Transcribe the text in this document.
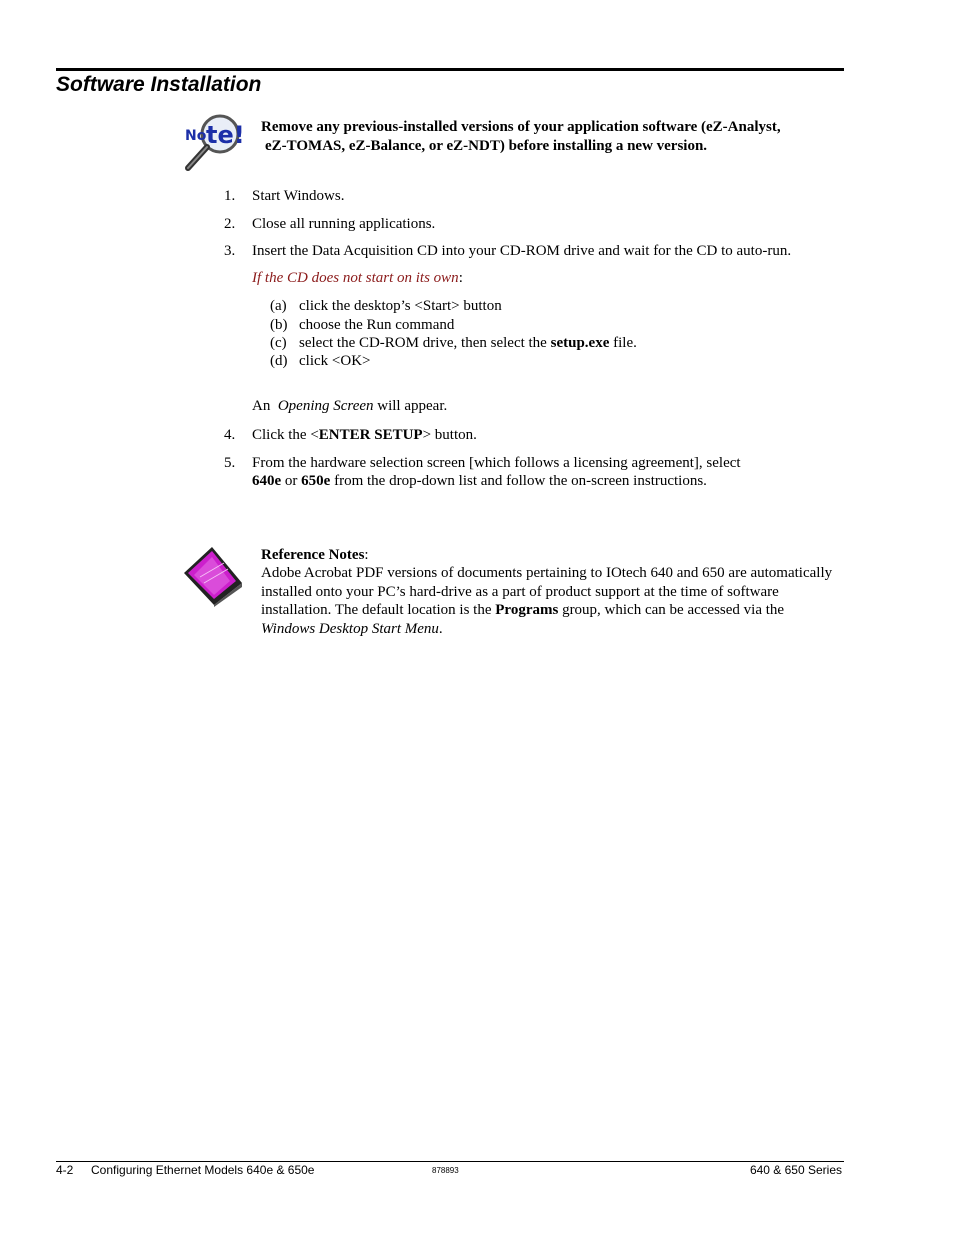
Software Installation
No te! Remove any previous-installed versions of your application software (eZ-Analyst,
eZ-TOMAS, eZ-Balance, or eZ-NDT) before installing a new version.
1. Start Windows.
2. Close all running applications.
3. Insert the Data Acquisition CD into your CD-ROM drive and wait for the CD to auto-run.
If the CD does not start on its own:
(a) click the desktop’s <Start> button
(b) choose the Run command
(c) select the CD-ROM drive, then select the setup.exe file.
(d) click <OK>
An  Opening Screen will appear.
4. Click the <ENTER SETUP> button.
5. From the hardware selection screen [which follows a licensing agreement], select
640e or 650e from the drop-down list and follow the on-screen instructions.
Reference Notes:
Adobe Acrobat PDF versions of documents pertaining to IOtech 640 and 650 are automatically installed onto your PC’s hard-drive as a part of product support at the time of software installation. The default location is the Programs group, which can be accessed via the Windows Desktop Start Menu.
4-2 Configuring Ethernet Models 640e & 650e	878893	640 & 650 Series
